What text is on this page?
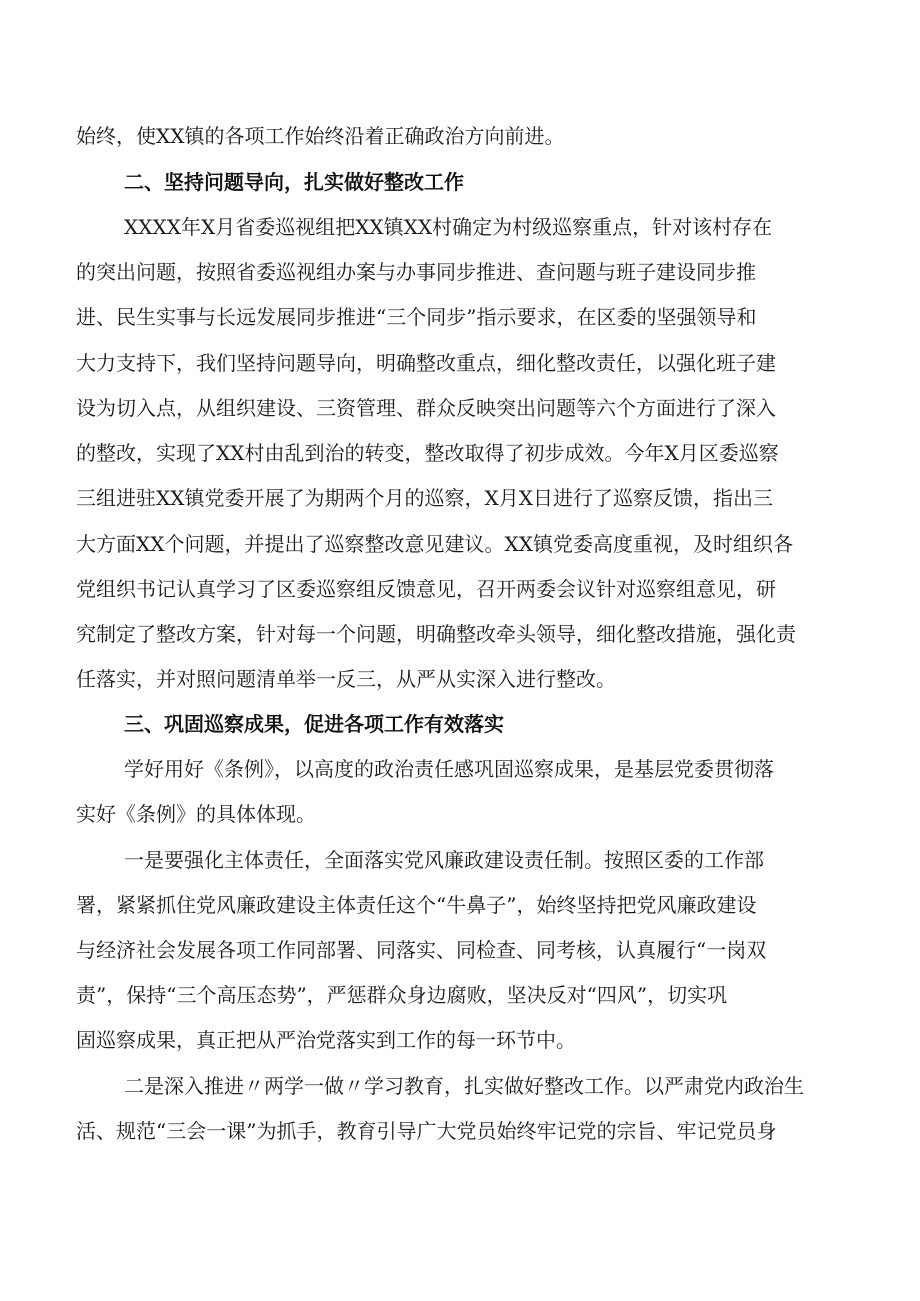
始终，使XX镇的各项工作始终沿着正确政治方向前进。
二、坚持问题导向，扎实做好整改工作
XXXX年X月省委巡视组把XX镇XX村确定为村级巡察重点，针对该村存在
的突出问题，按照省委巡视组办案与办事同步推进、查问题与班子建设同步推
进、民生实事与长远发展同步推进“三个同步”指示要求，在区委的坚强领导和
大力支持下，我们坚持问题导向，明确整改重点，细化整改责任，以强化班子建
设为切入点，从组织建设、三资管理、群众反映突出问题等六个方面进行了深入
的整改，实现了XX村由乱到治的转变，整改取得了初步成效。今年X月区委巡察
三组进驻XX镇党委开展了为期两个月的巡察，X月X日进行了巡察反馈，指出三
大方面XX个问题，并提出了巡察整改意见建议。XX镇党委高度重视，及时组织各
党组织书记认真学习了区委巡察组反馈意见，召开两委会议针对巡察组意见，研
究制定了整改方案，针对每一个问题，明确整改牵头领导，细化整改措施，强化责
任落实，并对照问题清单举一反三，从严从实深入进行整改。
三、巩固巡察成果，促进各项工作有效落实
学好用好《条例》，以高度的政治责任感巩固巡察成果，是基层党委贯彻落
实好《条例》的具体体现。
一是要强化主体责任，全面落实党风廉政建设责任制。按照区委的工作部
署，紧紧抓住党风廉政建设主体责任这个“牛鼻子”，始终坚持把党风廉政建设
与经济社会发展各项工作同部署、同落实、同检查、同考核，认真履行“一岗双
责”，保持“三个高压态势”，严惩群众身边腐败，坚决反对“四风”，切实巩
固巡察成果，真正把从严治党落实到工作的每一环节中。
二是深入推进〃两学一做〃学习教育，扎实做好整改工作。以严肃党内政治生
活、规范“三会一课”为抓手，教育引导广大党员始终牢记党的宗旨、牢记党员身
